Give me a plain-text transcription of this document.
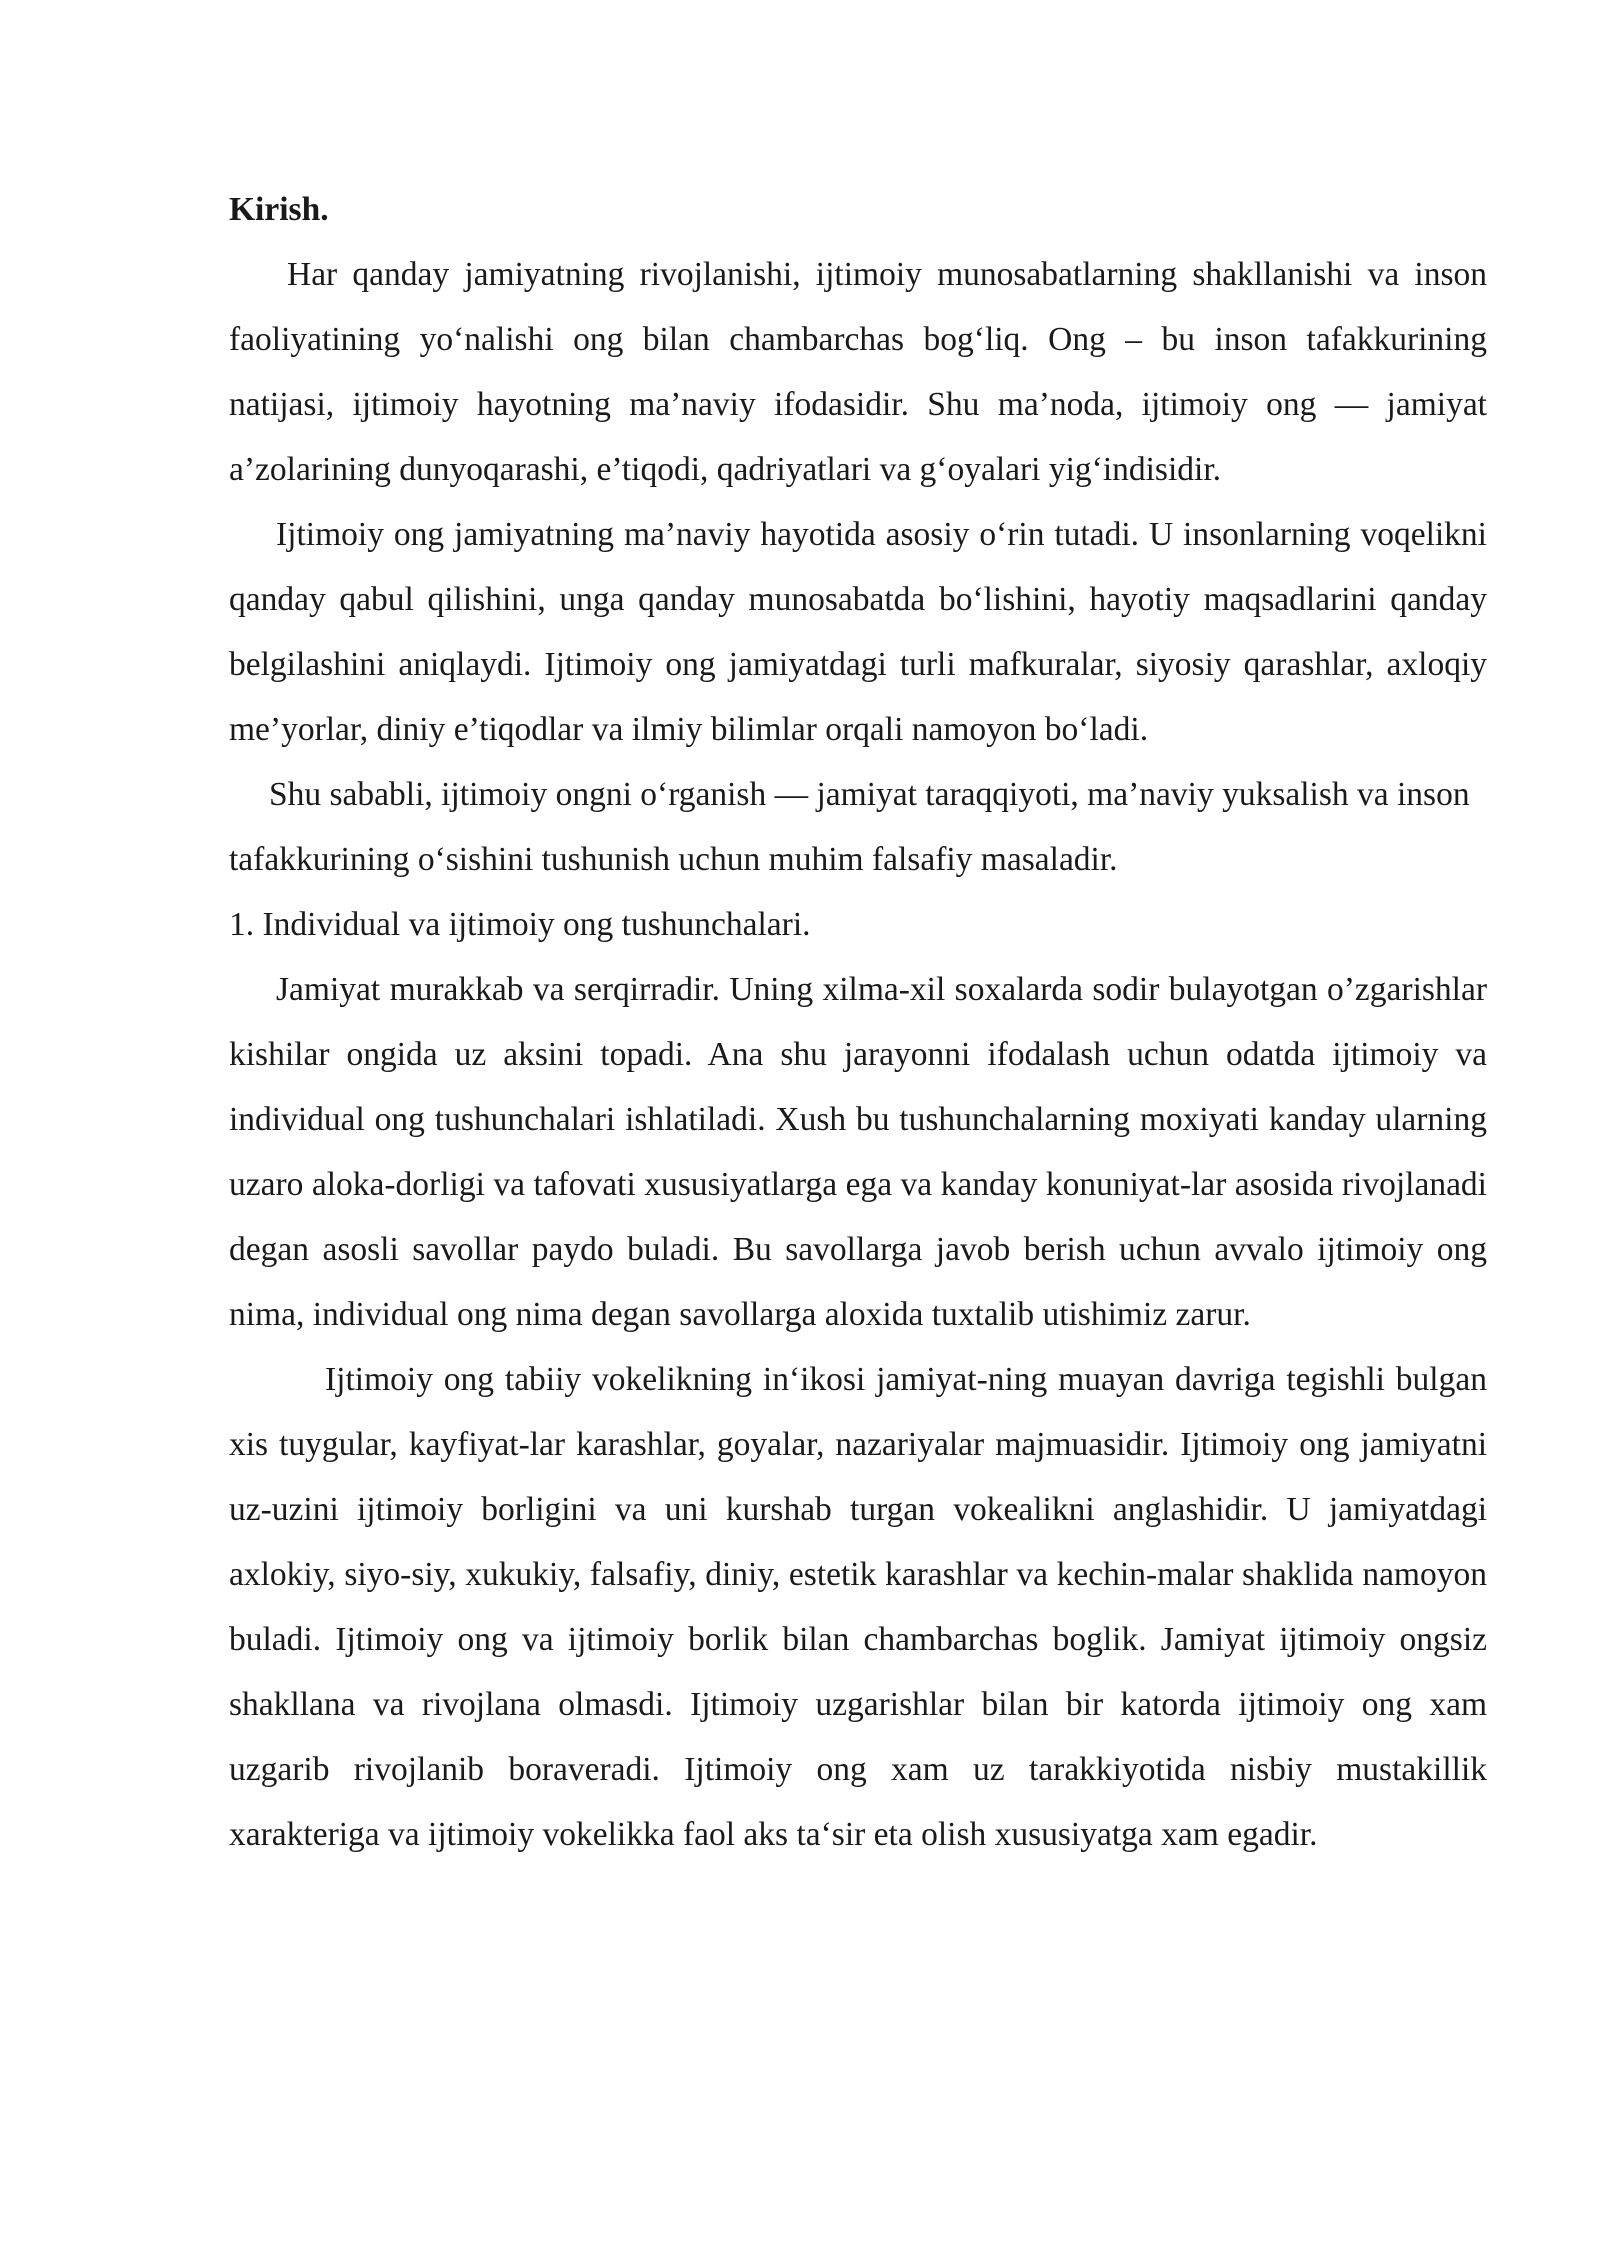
Kirish.

Har qanday jamiyatning rivojlanishi, ijtimoiy munosabatlarning shakllanishi va inson faoliyatining yo‘nalishi ong bilan chambarchas bog‘liq. Ong – bu inson tafakkurining natijasi, ijtimoiy hayotning ma’naviy ifodasidir. Shu ma’noda, ijtimoiy ong — jamiyat a’zolarining dunyoqarashi, e’tiqodi, qadriyatlari va g‘oyalari yig‘indisidir.

Ijtimoiy ong jamiyatning ma’naviy hayotida asosiy o‘rin tutadi. U insonlarning voqelikni qanday qabul qilishini, unga qanday munosabatda bo‘lishini, hayotiy maqsadlarini qanday belgilashini aniqlaydi. Ijtimoiy ong jamiyatdagi turli mafkuralar, siyosiy qarashlar, axloqiy me’yorlar, diniy e’tiqodlar va ilmiy bilimlar orqali namoyon bo‘ladi.

Shu sababli, ijtimoiy ongni o‘rganish — jamiyat taraqqiyoti, ma’naviy yuksalish va inson tafakkurining o‘sishini tushunish uchun muhim falsafiy masaladir.

1. Individual va ijtimoiy ong tushunchalari.

Jamiyat murakkab va serqirradir. Uning xilma-xil soxalarda sodir bulayotgan o’zgarishlar kishilar ongida uz aksini topadi. Ana shu jarayonni ifodalash uchun odatda ijtimoiy va individual ong tushunchalari ishlatiladi. Xush bu tushunchalarning moxiyati kanday ularning uzaro aloka-dorligi va tafovati xususiyatlarga ega va kanday konuniyat-lar asosida rivojlanadi degan asosli savollar paydo buladi. Bu savollarga javob berish uchun avvalo ijtimoiy ong nima, individual ong nima degan savollarga aloxida tuxtalib utishimiz zarur.

Ijtimoiy ong tabiiy vokelikning in‘ikosi jamiyat-ning muayan davriga tegishli bulgan xis tuygular, kayfiyat-lar karashlar, goyalar, nazariyalar majmuasidir. Ijtimoiy ong jamiyatni uz-uzini ijtimoiy borligini va uni kurshab turgan vokealikni anglashidir. U jamiyatdagi axlokiy, siyo-siy, xukukiy, falsafiy, diniy, estetik karashlar va kechin-malar shaklida namoyon buladi. Ijtimoiy ong va ijtimoiy borlik bilan chambarchas boglik. Jamiyat ijtimoiy ongsiz shakllana va rivojlana olmasdi. Ijtimoiy uzgarishlar bilan bir katorda ijtimoiy ong xam uzgarib rivojlanib boraveradi. Ijtimoiy ong xam uz tarakkiyotida nisbiy mustakillik xarakteriga va ijtimoiy vokelikka faol aks ta‘sir eta olish xususiyatga xam egadir.
